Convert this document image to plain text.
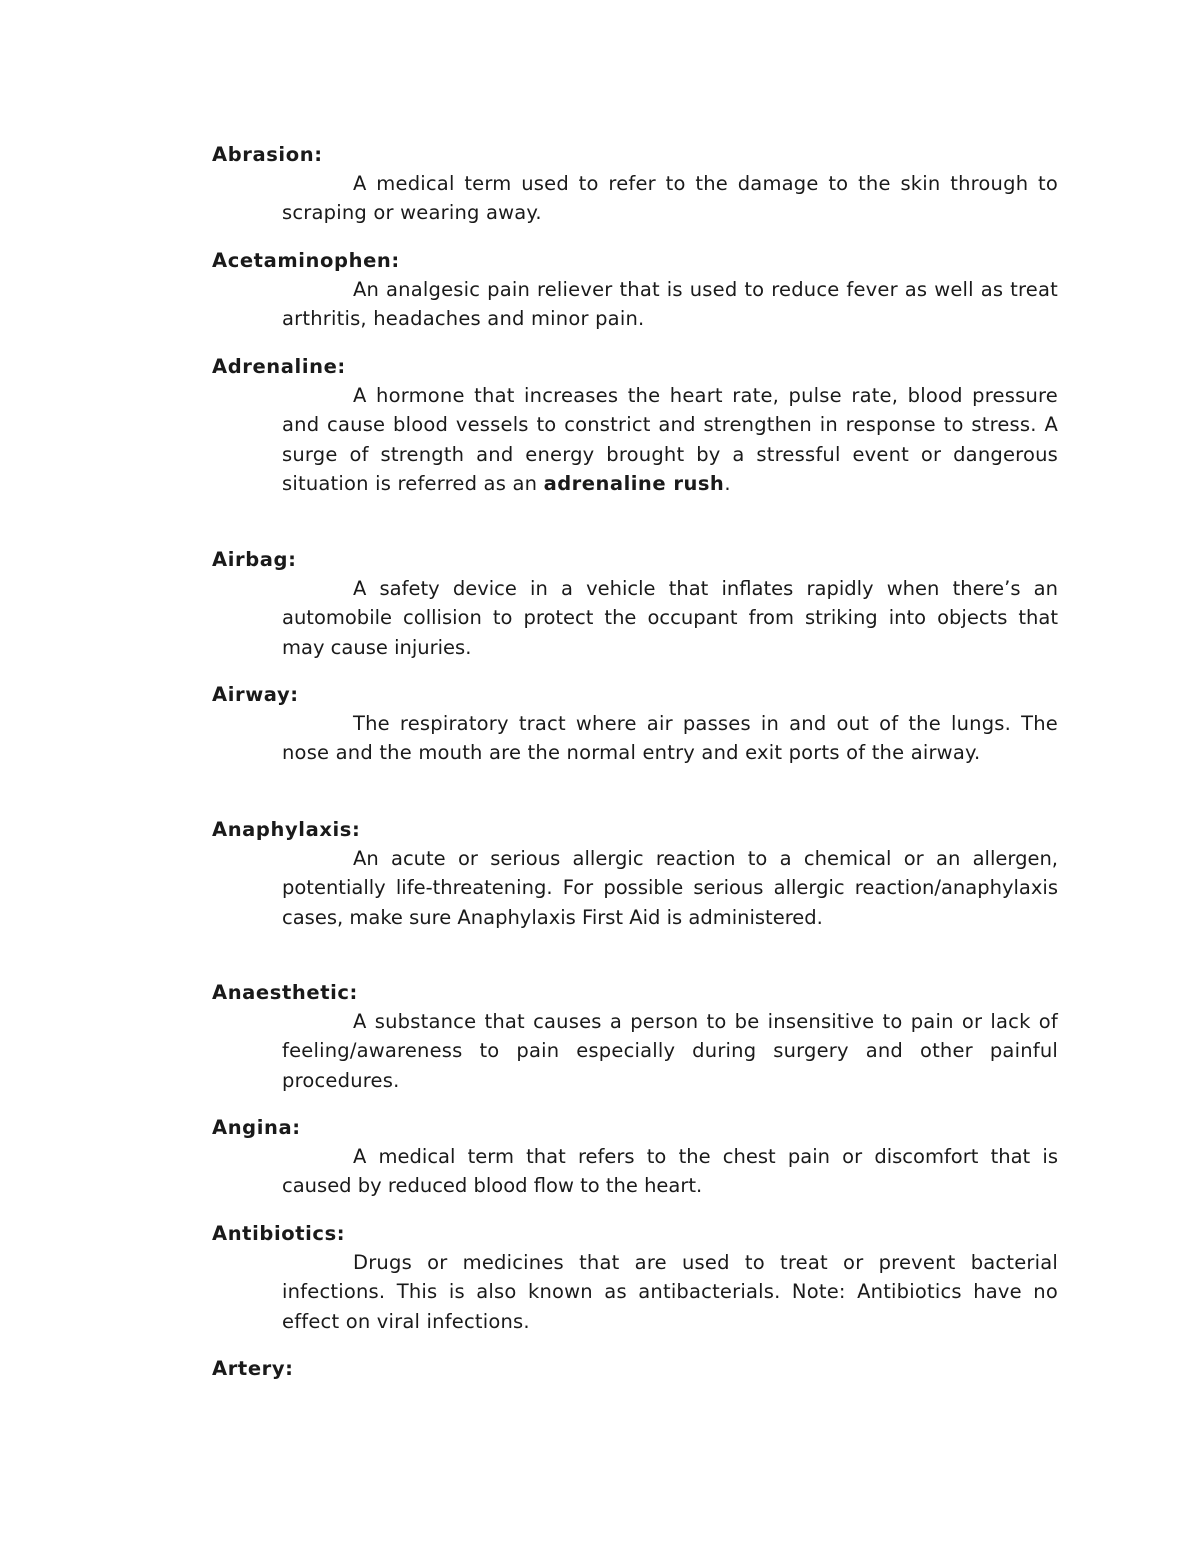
Abrasion:

A medical term used to refer to the damage to the skin through to scraping or wearing away.

Acetaminophen:

An analgesic pain reliever that is used to reduce fever as well as treat arthritis, headaches and minor pain.

Adrenaline:

A hormone that increases the heart rate, pulse rate, blood pressure and cause blood vessels to constrict and strengthen in response to stress. A surge of strength and energy brought by a stressful event or dangerous situation is referred as an adrenaline rush.

Airbag:

A safety device in a vehicle that inflates rapidly when there’s an automobile collision to protect the occupant from striking into objects that may cause injuries.

Airway:

The respiratory tract where air passes in and out of the lungs. The nose and the mouth are the normal entry and exit ports of the airway.

Anaphylaxis:

An acute or serious allergic reaction to a chemical or an allergen, potentially life-threatening. For possible serious allergic reaction/anaphylaxis cases, make sure Anaphylaxis First Aid is administered.

Anaesthetic:

A substance that causes a person to be insensitive to pain or lack of feeling/awareness to pain especially during surgery and other painful procedures.

Angina:

A medical term that refers to the chest pain or discomfort that is caused by reduced blood flow to the heart.

Antibiotics:

Drugs or medicines that are used to treat or prevent bacterial infections. This is also known as antibacterials. Note: Antibiotics have no effect on viral infections.

Artery:
